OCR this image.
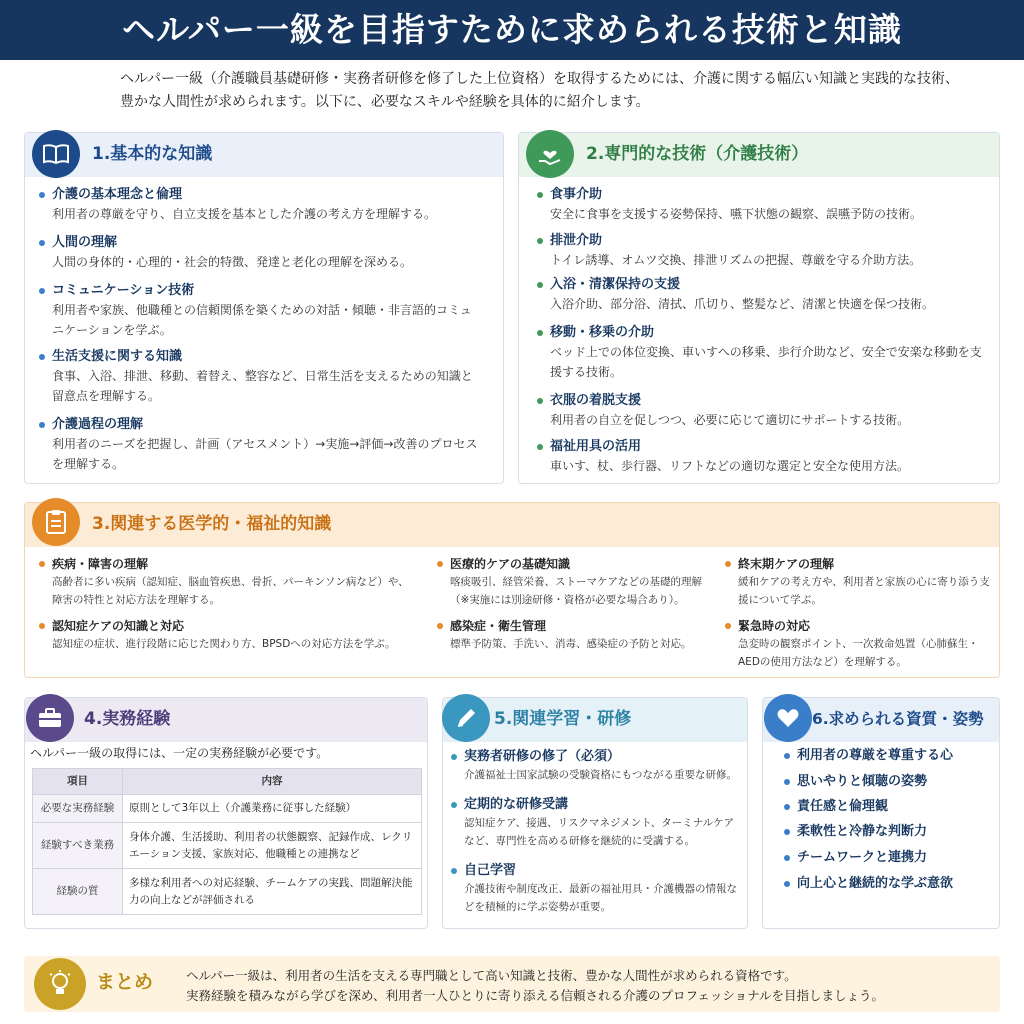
ヘルパー一級を目指すために求められる技術と知識
ヘルパー一級（介護職員基礎研修・実務者研修を修了した上位資格）を取得するためには、介護に関する幅広い知識と実践的な技術、豊かな人間性が求められます。以下に、必要なスキルや経験を具体的に紹介します。
1.基本的な知識
介護の基本理念と倫理
利用者の尊厳を守り、自立支援を基本とした介護の考え方を理解する。
人間の理解
人間の身体的・心理的・社会的特徴、発達と老化の理解を深める。
コミュニケーション技術
利用者や家族、他職種との信頼関係を築くための対話・傾聴・非言語的コミュニケーションを学ぶ。
生活支援に関する知識
食事、入浴、排泄、移動、着替え、整容など、日常生活を支えるための知識と留意点を理解する。
介護過程の理解
利用者のニーズを把握し、計画（アセスメント）→実施→評価→改善のプロセスを理解する。
2.専門的な技術（介護技術）
食事介助
安全に食事を支援する姿勢保持、嚥下状態の観察、誤嚥予防の技術。
排泄介助
トイレ誘導、オムツ交換、排泄リズムの把握、尊厳を守る介助方法。
入浴・清潔保持の支援
入浴介助、部分浴、清拭、爪切り、整髪など、清潔と快適を保つ技術。
移動・移乗の介助
ベッド上での体位変換、車いすへの移乗、歩行介助など、安全で安楽な移動を支援する技術。
衣服の着脱支援
利用者の自立を促しつつ、必要に応じて適切にサポートする技術。
福祉用具の活用
車いす、杖、歩行器、リフトなどの適切な選定と安全な使用方法。
3.関連する医学的・福祉的知識
疾病・障害の理解
高齢者に多い疾病（認知症、脳血管疾患、骨折、パーキンソン病など）や、障害の特性と対応方法を理解する。
医療的ケアの基礎知識
喀痰吸引、経管栄養、ストーマケアなどの基礎的理解（※実施には別途研修・資格が必要な場合あり）。
終末期ケアの理解
緩和ケアの考え方や、利用者と家族の心に寄り添う支援について学ぶ。
認知症ケアの知識と対応
認知症の症状、進行段階に応じた関わり方、BPSDへの対応方法を学ぶ。
感染症・衛生管理
標準予防策、手洗い、消毒、感染症の予防と対応。
緊急時の対応
急変時の観察ポイント、一次救命処置（心肺蘇生・AEDの使用方法など）を理解する。
4.実務経験
ヘルパー一級の取得には、一定の実務経験が必要です。
項目	内容
必要な実務経験	原則として3年以上（介護業務に従事した経験）
経験すべき業務	身体介護、生活援助、利用者の状態観察、記録作成、レクリエーション支援、家族対応、他職種との連携など
経験の質	多様な利用者への対応経験、チームケアの実践、問題解決能力の向上などが評価される
5.関連学習・研修
実務者研修の修了（必須）
介護福祉士国家試験の受験資格にもつながる重要な研修。
定期的な研修受講
認知症ケア、接遇、リスクマネジメント、ターミナルケアなど、専門性を高める研修を継続的に受講する。
自己学習
介護技術や制度改正、最新の福祉用具・介護機器の情報などを積極的に学ぶ姿勢が重要。
6.求められる資質・姿勢
利用者の尊厳を尊重する心
思いやりと傾聴の姿勢
責任感と倫理観
柔軟性と冷静な判断力
チームワークと連携力
向上心と継続的な学ぶ意欲
まとめ	ヘルパー一級は、利用者の生活を支える専門職として高い知識と技術、豊かな人間性が求められる資格です。
実務経験を積みながら学びを深め、利用者一人ひとりに寄り添える信頼される介護のプロフェッショナルを目指しましょう。
